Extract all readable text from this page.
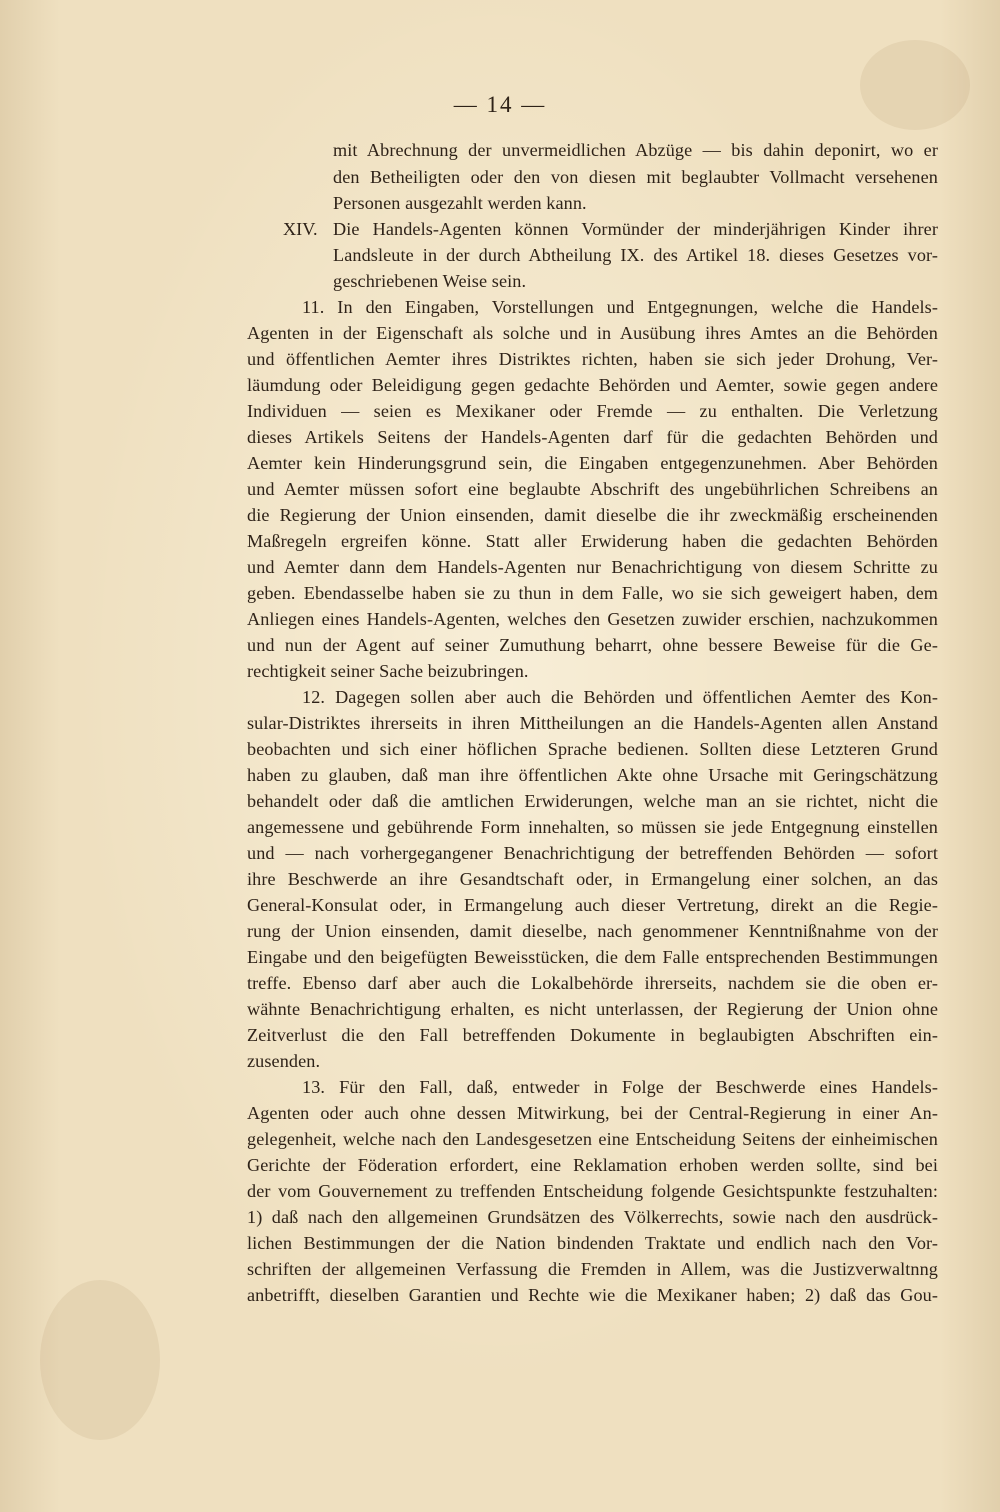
— 14 —
mit Abrechnung der unvermeidlichen Abzüge — bis dahin deponirt, wo er
den Betheiligten oder den von diesen mit beglaubter Vollmacht versehenen
Personen ausgezahlt werden kann.
XIV. Die Handels-Agenten können Vormünder der minderjährigen Kinder ihrer
Landsleute in der durch Abtheilung IX. des Artikel 18. dieses Gesetzes vor-
geschriebenen Weise sein.
11. In den Eingaben, Vorstellungen und Entgegnungen, welche die Handels-
Agenten in der Eigenschaft als solche und in Ausübung ihres Amtes an die Behörden
und öffentlichen Aemter ihres Distriktes richten, haben sie sich jeder Drohung, Ver-
läumdung oder Beleidigung gegen gedachte Behörden und Aemter, sowie gegen andere
Individuen — seien es Mexikaner oder Fremde — zu enthalten. Die Verletzung
dieses Artikels Seitens der Handels-Agenten darf für die gedachten Behörden und
Aemter kein Hinderungsgrund sein, die Eingaben entgegenzunehmen. Aber Behörden
und Aemter müssen sofort eine beglaubte Abschrift des ungebührlichen Schreibens an
die Regierung der Union einsenden, damit dieselbe die ihr zweckmäßig erscheinenden
Maßregeln ergreifen könne. Statt aller Erwiderung haben die gedachten Behörden
und Aemter dann dem Handels-Agenten nur Benachrichtigung von diesem Schritte zu
geben. Ebendasselbe haben sie zu thun in dem Falle, wo sie sich geweigert haben, dem
Anliegen eines Handels-Agenten, welches den Gesetzen zuwider erschien, nachzukommen
und nun der Agent auf seiner Zumuthung beharrt, ohne bessere Beweise für die Ge-
rechtigkeit seiner Sache beizubringen.
12. Dagegen sollen aber auch die Behörden und öffentlichen Aemter des Kon-
sular-Distriktes ihrerseits in ihren Mittheilungen an die Handels-Agenten allen Anstand
beobachten und sich einer höflichen Sprache bedienen. Sollten diese Letzteren Grund
haben zu glauben, daß man ihre öffentlichen Akte ohne Ursache mit Geringschätzung
behandelt oder daß die amtlichen Erwiderungen, welche man an sie richtet, nicht die
angemessene und gebührende Form innehalten, so müssen sie jede Entgegnung einstellen
und — nach vorhergegangener Benachrichtigung der betreffenden Behörden — sofort
ihre Beschwerde an ihre Gesandtschaft oder, in Ermangelung einer solchen, an das
General-Konsulat oder, in Ermangelung auch dieser Vertretung, direkt an die Regie-
rung der Union einsenden, damit dieselbe, nach genommener Kenntnißnahme von der
Eingabe und den beigefügten Beweisstücken, die dem Falle entsprechenden Bestimmungen
treffe. Ebenso darf aber auch die Lokalbehörde ihrerseits, nachdem sie die oben er-
wähnte Benachrichtigung erhalten, es nicht unterlassen, der Regierung der Union ohne
Zeitverlust die den Fall betreffenden Dokumente in beglaubigten Abschriften ein-
zusenden.
13. Für den Fall, daß, entweder in Folge der Beschwerde eines Handels-
Agenten oder auch ohne dessen Mitwirkung, bei der Central-Regierung in einer An-
gelegenheit, welche nach den Landesgesetzen eine Entscheidung Seitens der einheimischen
Gerichte der Föderation erfordert, eine Reklamation erhoben werden sollte, sind bei
der vom Gouvernement zu treffenden Entscheidung folgende Gesichtspunkte festzuhalten:
1) daß nach den allgemeinen Grundsätzen des Völkerrechts, sowie nach den ausdrück-
lichen Bestimmungen der die Nation bindenden Traktate und endlich nach den Vor-
schriften der allgemeinen Verfassung die Fremden in Allem, was die Justizverwaltnng
anbetrifft, dieselben Garantien und Rechte wie die Mexikaner haben; 2) daß das Gou-
